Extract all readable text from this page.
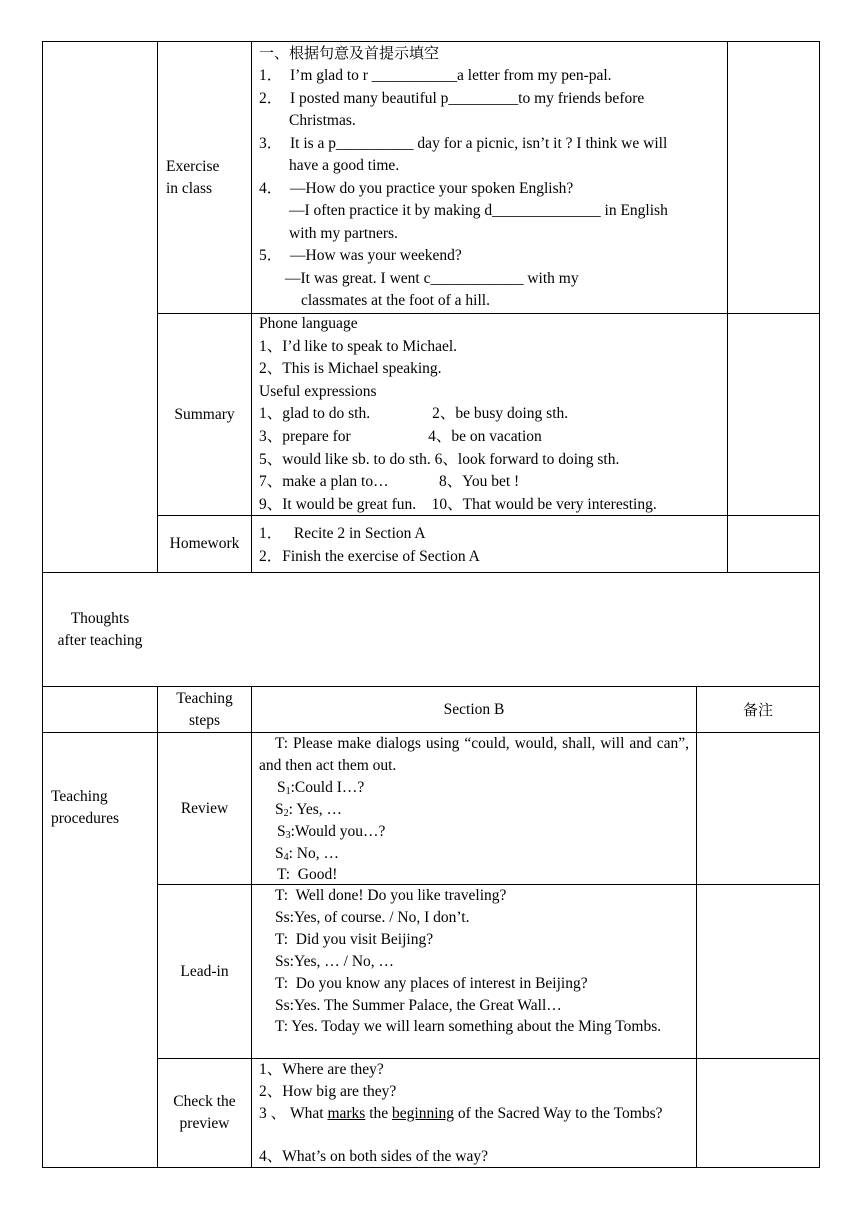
Exercise
in class
一、根据句意及首提示填空
1．  I’m glad to r ___________a letter from my pen-pal.
2．  I posted many beautiful p_________to my friends before
Christmas.
3．  It is a p__________ day for a picnic, isn’t it ? I think we will
have a good time.
4．  —How do you practice your spoken English?
—I often practice it by making d______________ in English
with my partners.
5．  —How was your weekend?
—It was great. I went c____________ with my
classmates at the foot of a hill.
Summary
Phone language
1、I’d like to speak to Michael.
2、This is Michael speaking.
Useful expressions
1、glad to do sth.                2、be busy doing sth.
3、prepare for                    4、be on vacation
5、would like sb. to do sth. 6、look forward to doing sth.
7、make a plan to…             8、You bet !
9、It would be great fun.    10、That would be very interesting.
Homework
1．   Recite 2 in Section A
2．Finish the exercise of Section A
Thoughts
after teaching
Teaching
steps
Section B	备注
Teaching
procedures
Review
T: Please make dialogs using “could, would, shall, will and can”, and then act them out.
$S_1:Could$ I…?
$S_2$: Yes, …
$S_3:Would$ you…?
$S_4$: No, …
T:  Good!
Lead-in
T:  Well done! Do you like traveling?
Ss:Yes, of course. / No, I don’t.
T:  Did you visit Beijing?
Ss:Yes, … / No, …
T:  Do you know any places of interest in Beijing?
Ss:Yes. The Summer Palace, the Great Wall…
T: Yes. Today we will learn something about the Ming Tombs.
Check the
preview
1、Where are they?
2、How big are they?
3 、 What marks the beginning of the Sacred Way to the Tombs?
4、What’s on both sides of the way?
